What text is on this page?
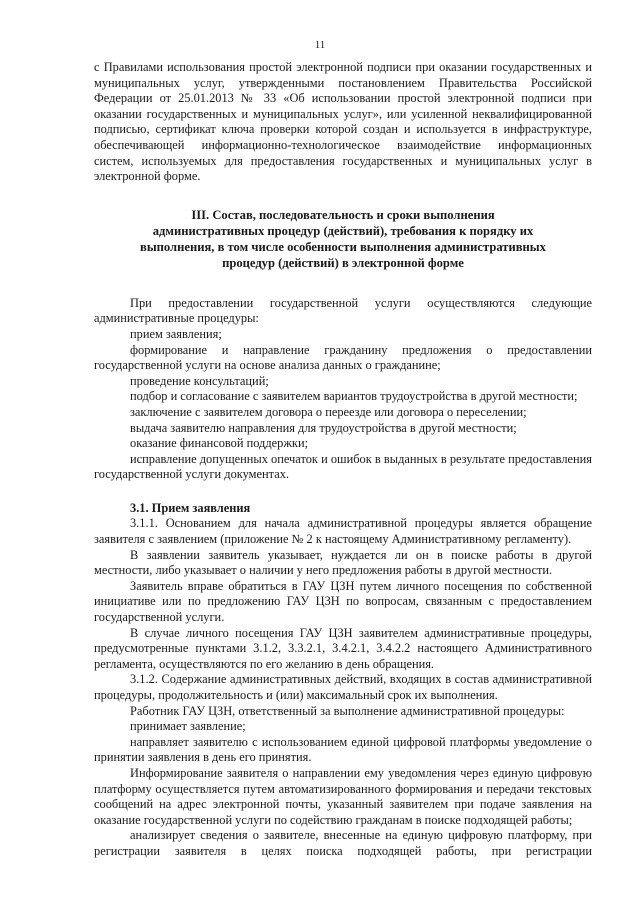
11

с Правилами использования простой электронной подписи при оказании государственных и муниципальных услуг, утвержденными постановлением Правительства Российской Федерации от 25.01.2013 № 33 «Об использовании простой электронной подписи при оказании государственных и муниципальных услуг», или усиленной неквалифицированной подписью, сертификат ключа проверки которой создан и используется в инфраструктуре, обеспечивающей информационно-технологическое взаимодействие информационных систем, используемых для предоставления государственных и муниципальных услуг в электронной форме.

III. Состав, последовательность и сроки выполнения административных процедур (действий), требования к порядку их выполнения, в том числе особенности выполнения административных процедур (действий) в электронной форме

При предоставлении государственной услуги осуществляются следующие административные процедуры:

прием заявления;

формирование и направление гражданину предложения о предоставлении государственной услуги на основе анализа данных о гражданине;

проведение консультаций;

подбор и согласование с заявителем вариантов трудоустройства в другой местности;

заключение с заявителем договора о переезде или договора о переселении;

выдача заявителю направления для трудоустройства в другой местности;

оказание финансовой поддержки;

исправление допущенных опечаток и ошибок в выданных в результате предоставления государственной услуги документах.

3.1. Прием заявления

3.1.1. Основанием для начала административной процедуры является обращение заявителя с заявлением (приложение № 2 к настоящему Административному регламенту).

В заявлении заявитель указывает, нуждается ли он в поиске работы в другой местности, либо указывает о наличии у него предложения работы в другой местности.

Заявитель вправе обратиться в ГАУ ЦЗН путем личного посещения по собственной инициативе или по предложению ГАУ ЦЗН по вопросам, связанным с предоставлением государственной услуги.

В случае личного посещения ГАУ ЦЗН заявителем административные процедуры, предусмотренные пунктами 3.1.2, 3.3.2.1, 3.4.2.1, 3.4.2.2 настоящего Административного регламента, осуществляются по его желанию в день обращения.

3.1.2. Содержание административных действий, входящих в состав административной процедуры, продолжительность и (или) максимальный срок их выполнения.

Работник ГАУ ЦЗН, ответственный за выполнение административной процедуры:

принимает заявление;

направляет заявителю с использованием единой цифровой платформы уведомление о принятии заявления в день его принятия.

Информирование заявителя о направлении ему уведомления через единую цифровую платформу осуществляется путем автоматизированного формирования и передачи текстовых сообщений на адрес электронной почты, указанный заявителем при подаче заявления на оказание государственной услуги по содействию гражданам в поиске подходящей работы;

анализирует сведения о заявителе, внесенные на единую цифровую платформу, при регистрации заявителя в целях поиска подходящей работы, при регистрации
